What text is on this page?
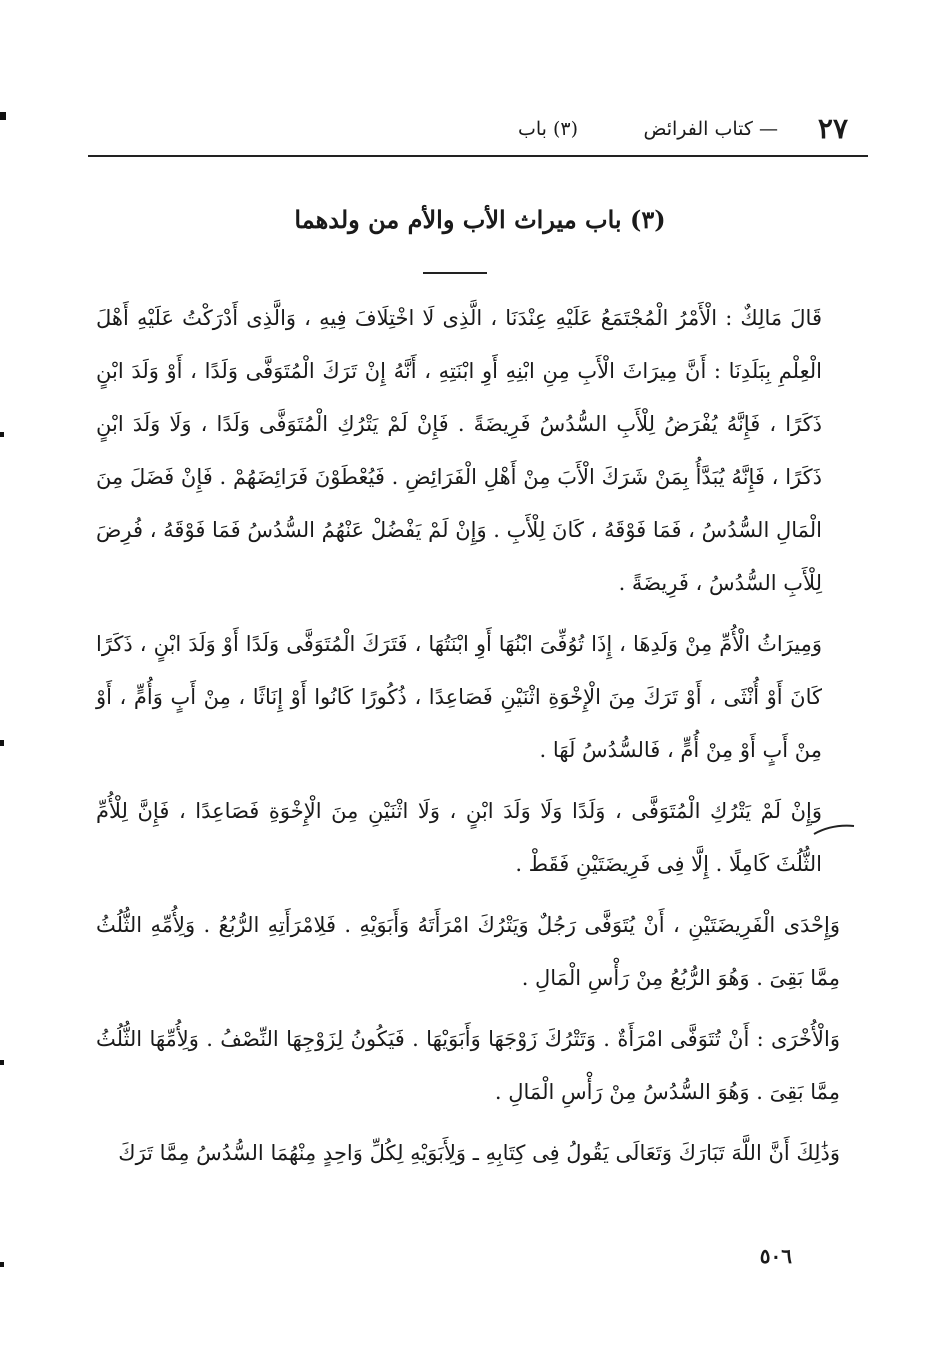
٢٧
— كتاب الفرائض
(٣) باب
(٣) باب ميراث الأب والأم من ولدهما

قَالَ مَالِكٌ : الْأَمْرُ الْمُجْتَمَعُ عَلَيْهِ عِنْدَنَا ، الَّذِى لَا اخْتِلَافَ فِيهِ ، وَالَّذِى أَدْرَكْتُ عَلَيْهِ أَهْلَ الْعِلْمِ بِبَلَدِنَا : أَنَّ مِيرَاثَ الْأَبِ مِنِ ابْنِهِ أَوِ ابْنَتِهِ ، أَنَّهُ إِنْ تَرَكَ الْمُتَوَفَّى وَلَدًا ، أَوْ وَلَدَ ابْنٍ ذَكَرًا ، فَإِنَّهُ يُفْرَضُ لِلْأَبِ السُّدُسُ فَرِيضَةً . فَإِنْ لَمْ يَتْرُكِ الْمُتَوَفَّى وَلَدًا ، وَلَا وَلَدَ ابْنٍ ذَكَرًا ، فَإِنَّهُ يُبَدَّأُ بِمَنْ شَرَكَ الْأَبَ مِنْ أَهْلِ الْفَرَائِضِ . فَيُعْطَوْنَ فَرَائِضَهُمْ . فَإِنْ فَضَلَ مِنَ الْمَالِ السُّدُسُ ، فَمَا فَوْقَهُ ، كَانَ لِلْأَبِ . وَإِنْ لَمْ يَفْضُلْ عَنْهُمُ السُّدُسُ فَمَا فَوْقَهُ ، فُرِضَ لِلْأَبِ السُّدُسُ ، فَرِيضَةً .

وَمِيرَاثُ الْأُمِّ مِنْ وَلَدِهَا ، إِذَا تُوُفِّىَ ابْنُهَا أَوِ ابْنَتُهَا ، فَتَرَكَ الْمُتَوَفَّى وَلَدًا أَوْ وَلَدَ ابْنٍ ، ذَكَرًا كَانَ أَوْ أُنْثَى ، أَوْ تَرَكَ مِنَ الْإِخْوَةِ اثْنَيْنِ فَصَاعِدًا ، ذُكُورًا كَانُوا أَوْ إِنَاثًا ، مِنْ أَبٍ وَأُمٍّ ، أَوْ مِنْ أَبٍ أَوْ مِنْ أُمٍّ ، فَالسُّدُسُ لَهَا .

وَإِنْ لَمْ يَتْرُكِ الْمُتَوَفَّى ، وَلَدًا وَلَا وَلَدَ ابْنٍ ، وَلَا اثْنَيْنِ مِنَ الْإِخْوَةِ فَصَاعِدًا ، فَإِنَّ لِلْأُمِّ الثُّلُثَ كَامِلًا . إِلَّا فِى فَرِيضَتَيْنِ فَقَطْ .

وَإِحْدَى الْفَرِيضَتَيْنِ ، أَنْ يُتَوَفَّى رَجُلٌ وَيَتْرُكَ امْرَأَتَهُ وَأَبَوَيْهِ . فَلِامْرَأَتِهِ الرُّبُعُ . وَلِأُمِّهِ الثُّلُثُ مِمَّا بَقِىَ . وَهُوَ الرُّبُعُ مِنْ رَأْسِ الْمَالِ .

وَالْأُخْرَى : أَنْ تُتَوَفَّى امْرَأَةٌ . وَتَتْرُكَ زَوْجَهَا وَأَبَوَيْهَا . فَيَكُونُ لِزَوْجِهَا النِّصْفُ . وَلِأُمِّهَا الثُّلُثُ مِمَّا بَقِىَ . وَهُوَ السُّدُسُ مِنْ رَأْسِ الْمَالِ .

وَذَٰلِكَ أَنَّ اللَّهَ تَبَارَكَ وَتَعَالَى يَقُولُ فِى كِتَابِهِ ـ وَلِأَبَوَيْهِ لِكُلِّ وَاحِدٍ مِنْهُمَا السُّدُسُ مِمَّا تَرَكَ

٥٠٦
